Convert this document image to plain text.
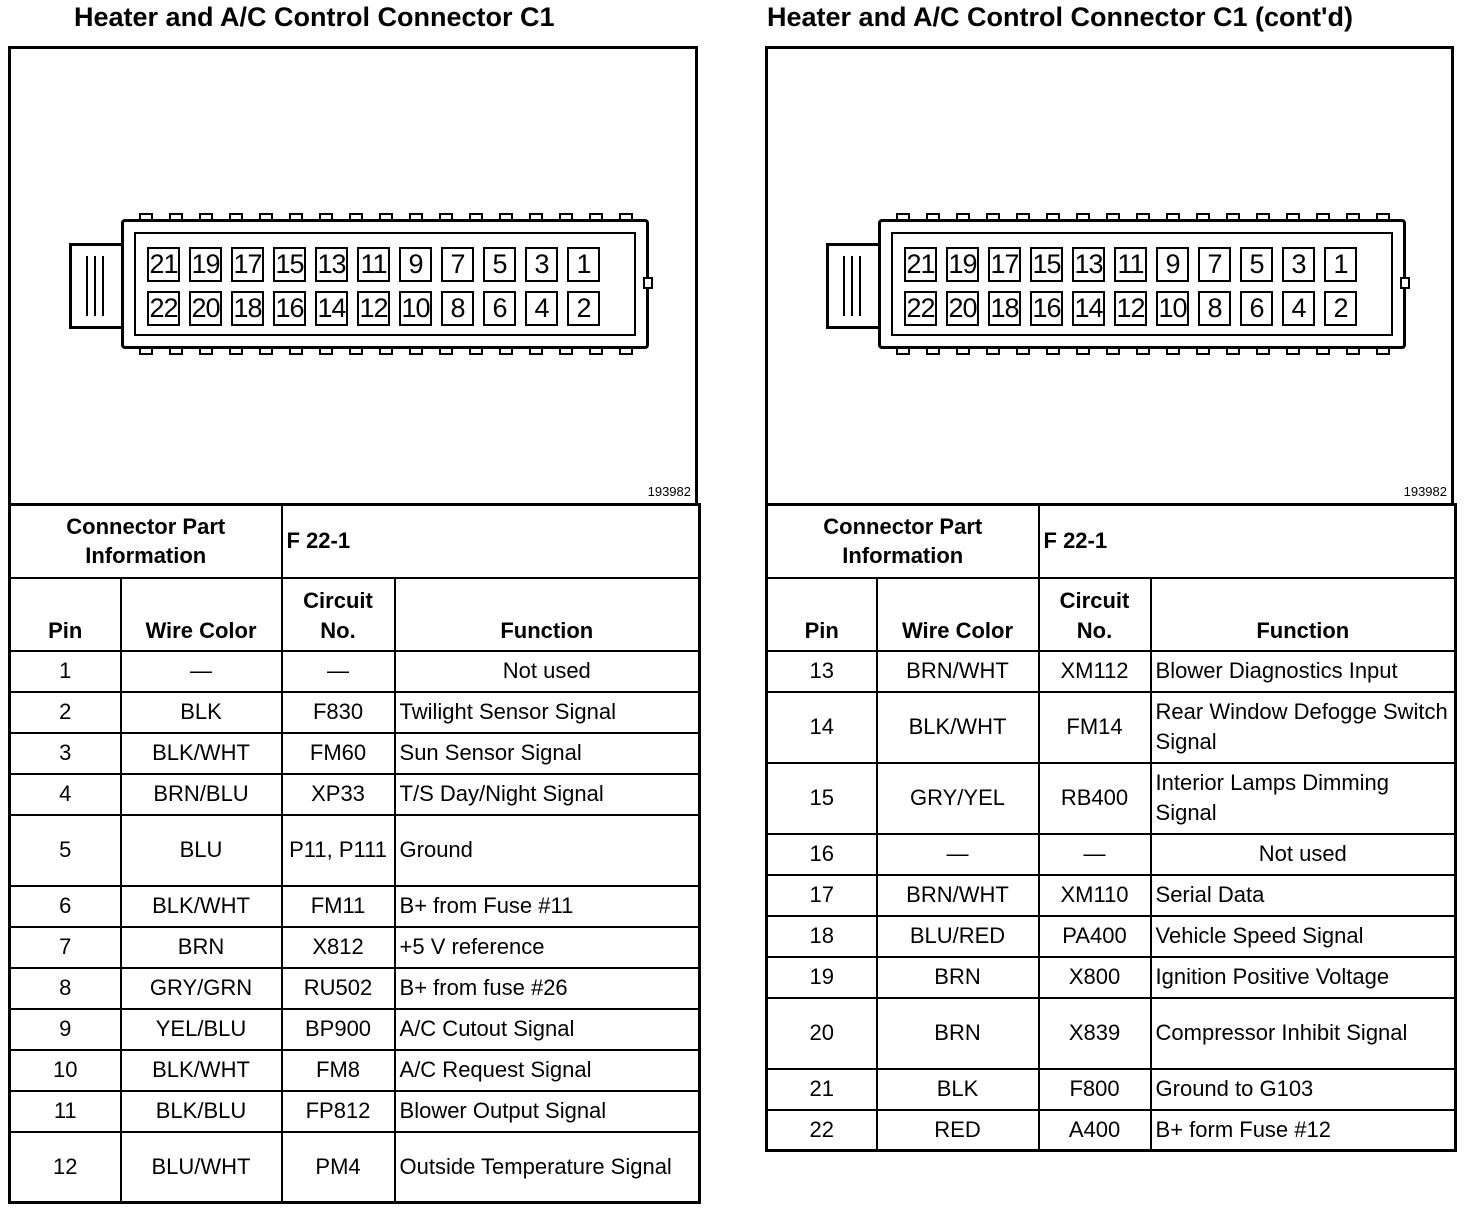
Heater and A/C Control Connector C1
193982
21 19 17 15 13 11 9	7	5	3	1
22 20 18 16 14 12 10 8	6	4	2
Connector Part Information		F 22-1	
Pin	Wire Color	Circuit No.	Function
1	—	—	Not used
2	BLK	F830	Twilight Sensor Signal
3	BLK/WHT	FM60	Sun Sensor Signal
4	BRN/BLU	XP33	T/S Day/Night Signal
5	BLU	P11, P111	Ground
6	BLK/WHT	FM11	B+ from Fuse #11
7	BRN	X812	+5 V reference
8	GRY/GRN	RU502	B+ from fuse #26
9	YEL/BLU	BP900	A/C Cutout Signal
10	BLK/WHT	FM8	A/C Request Signal
11	BLK/BLU	FP812	Blower Output Signal
12	BLU/WHT	PM4	Outside Temperature Signal
Heater and A/C Control Connector C1 (cont'd)
193982
21 19 17 15 13 11 9	7	5	3	1
22 20 18 16 14 12 10 8	6	4	2
Connector Part Information		F 22-1	
Pin	Wire Color	Circuit No.	Function
13	BRN/WHT	XM112	Blower Diagnostics Input
14	BLK/WHT	FM14	Rear Window Defogge Switch Signal
15	GRY/YEL	RB400	Interior Lamps Dimming Signal
16	—	—	Not used
17	BRN/WHT	XM110	Serial Data
18	BLU/RED	PA400	Vehicle Speed Signal
19	BRN	X800	Ignition Positive Voltage
20	BRN	X839	Compressor Inhibit Signal
21	BLK	F800	Ground to G103
22	RED	A400	B+ form Fuse #12
